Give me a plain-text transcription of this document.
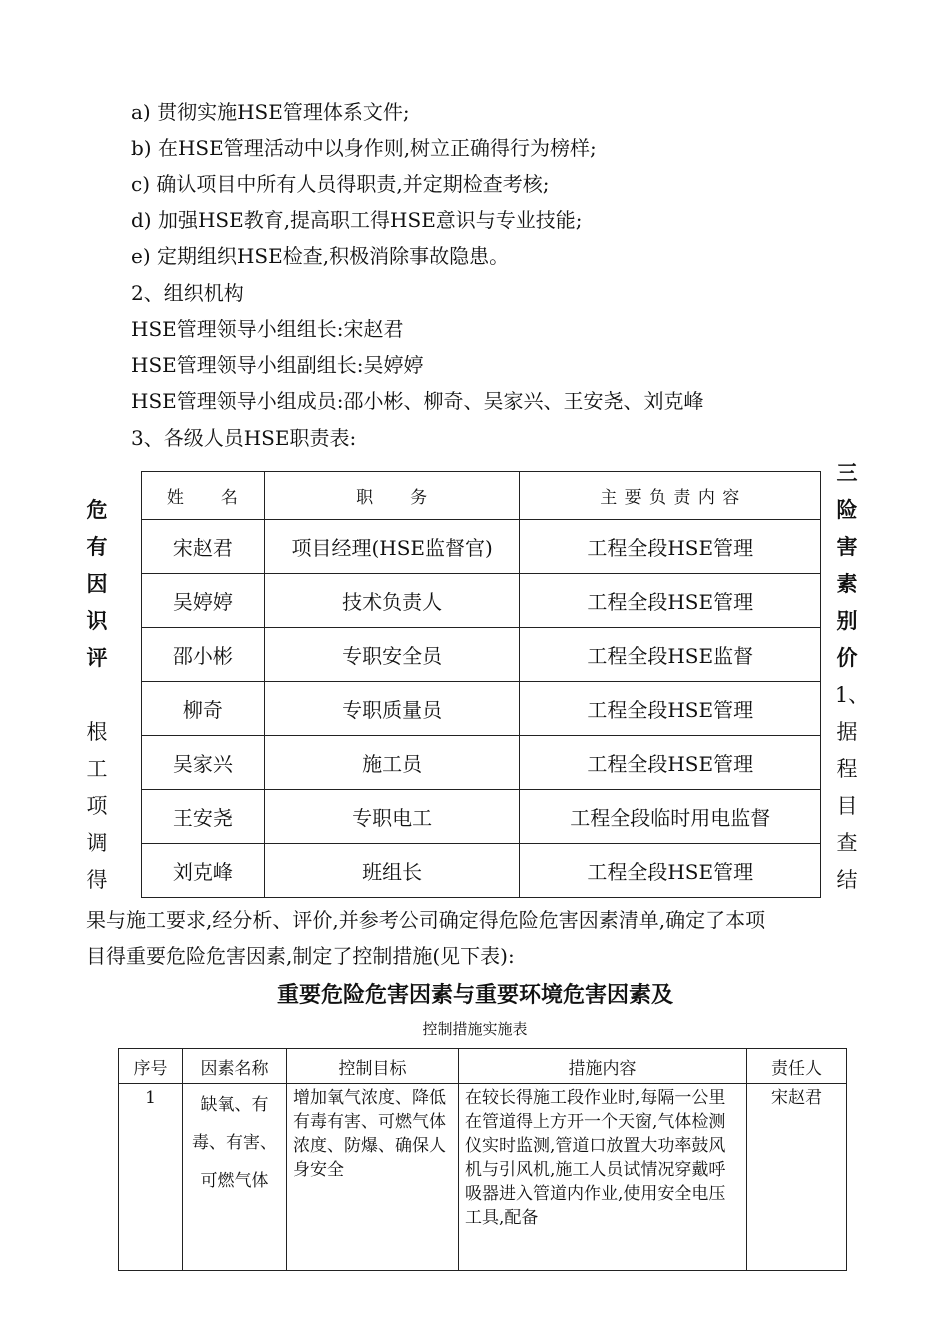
a) 贯彻实施HSE管理体系文件;
b) 在HSE管理活动中以身作则,树立正确得行为榜样;
c) 确认项目中所有人员得职责,并定期检查考核;
d) 加强HSE教育,提高职工得HSE意识与专业技能;
e) 定期组织HSE检查,积极消除事故隐患。
2、组织机构
HSE管理领导小组组长:宋赵君
HSE管理领导小组副组长:吴婷婷
HSE管理领导小组成员:邵小彬、柳奇、吴家兴、王安尧、刘克峰
3、各级人员HSE职责表:
危
有
因
识
评
根
工
项
调
得
三
险
害
素
别
价
1、
据
程
目
查
结
姓　　名	职　　务	主 要 负 责 内 容
宋赵君	项目经理(HSE监督官)	工程全段HSE管理
吴婷婷	技术负责人	工程全段HSE管理
邵小彬	专职安全员	工程全段HSE监督
柳奇	专职质量员	工程全段HSE管理
吴家兴	施工员	工程全段HSE管理
王安尧	专职电工	工程全段临时用电监督
刘克峰	班组长	工程全段HSE管理
果与施工要求,经分析、评价,并参考公司确定得危险危害因素清单,确定了本项
目得重要危险危害因素,制定了控制措施(见下表):
重要危险危害因素与重要环境危害因素及
控制措施实施表
序号	因素名称	控制目标	措施内容	责任人
1	缺氧、有毒、有害、可燃气体	增加氧气浓度、降低有毒有害、可燃气体浓度、防爆、确保人身安全	在较长得施工段作业时,每隔一公里在管道得上方开一个天窗,气体检测仪实时监测,管道口放置大功率鼓风机与引风机,施工人员试情况穿戴呼吸器进入管道内作业,使用安全电压工具,配备	宋赵君
